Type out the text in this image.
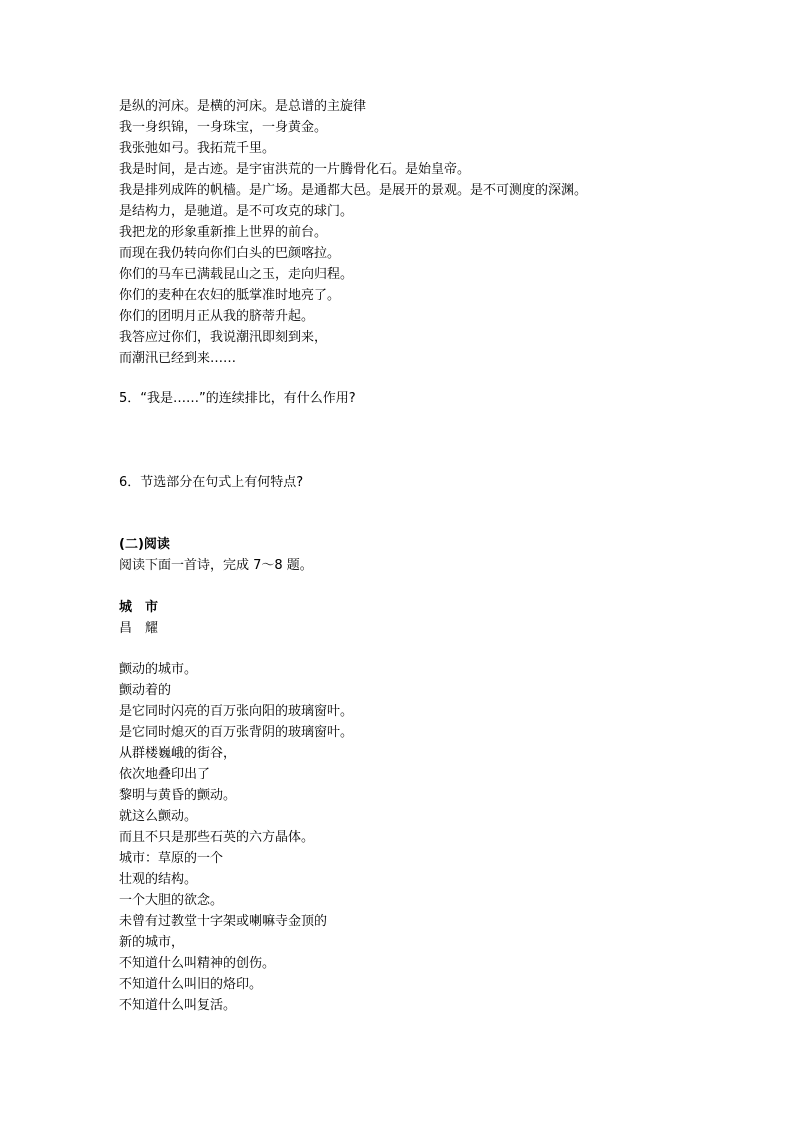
是纵的河床。是横的河床。是总谱的主旋律
我一身织锦，一身珠宝，一身黄金。
我张弛如弓。我拓荒千里。
我是时间，是古迹。是宇宙洪荒的一片腾骨化石。是始皇帝。
我是排列成阵的帆樯。是广场。是通都大邑。是展开的景观。是不可测度的深渊。
是结构力，是驰道。是不可攻克的球门。
我把龙的形象重新推上世界的前台。
而现在我仍转向你们白头的巴颜喀拉。
你们的马车已满载昆山之玉，走向归程。
你们的麦种在农妇的胝掌准时地亮了。
你们的团明月正从我的脐蒂升起。
我答应过你们，我说潮汛即刻到来，
而潮汛已经到来……
5．“我是……”的连续排比，有什么作用?
6．节选部分在句式上有何特点?
(二)阅读
阅读下面一首诗，完成 7～8 题。
城　市
昌　耀
颤动的城市。
颤动着的
是它同时闪亮的百万张向阳的玻璃窗叶。
是它同时熄灭的百万张背阴的玻璃窗叶。
从群楼巍峨的街谷，
依次地叠印出了
黎明与黄昏的颤动。
就这么颤动。
而且不只是那些石英的六方晶体。
城市：草原的一个
壮观的结构。
一个大胆的欲念。
未曾有过教堂十字架或喇嘛寺金顶的
新的城市，
不知道什么叫精神的创伤。
不知道什么叫旧的烙印。
不知道什么叫复活。
